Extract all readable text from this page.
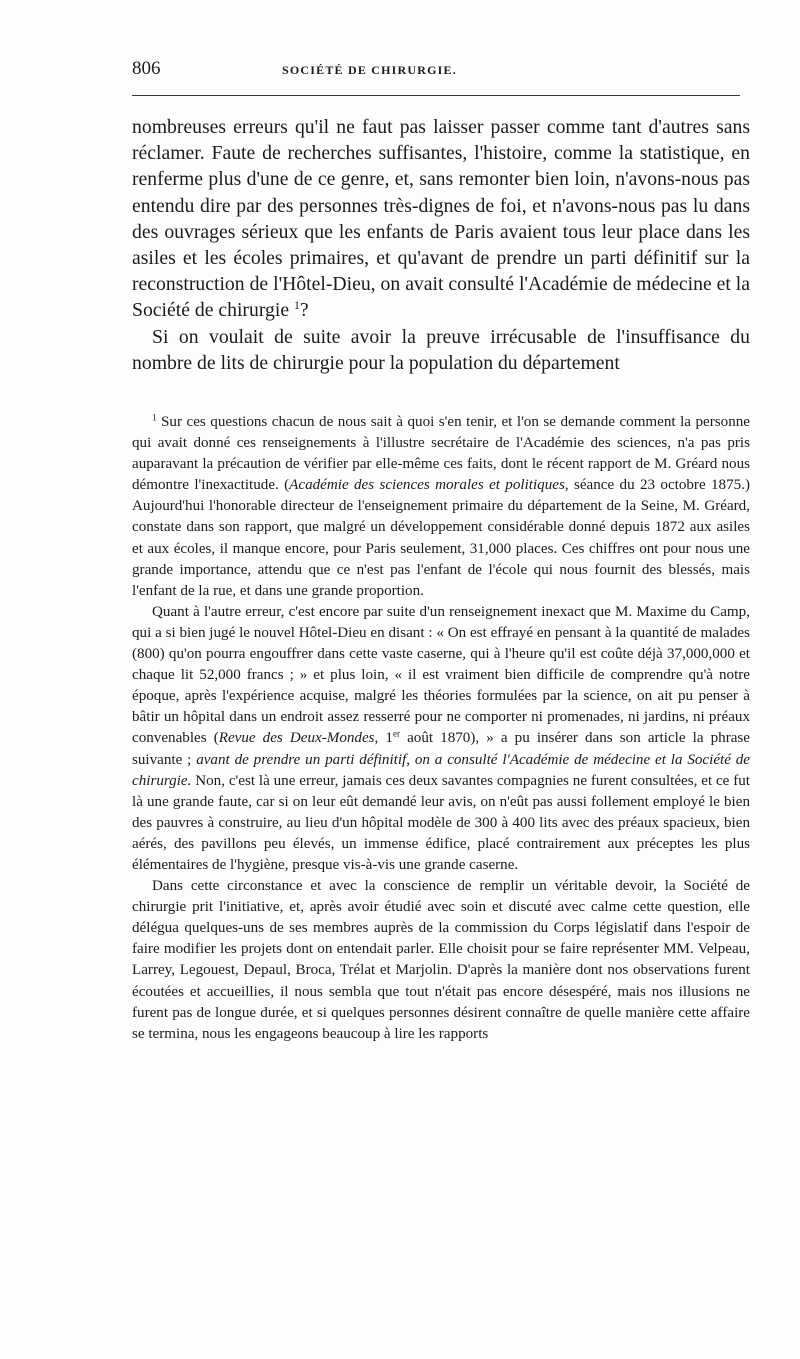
806	SOCIÉTÉ DE CHIRURGIE.

nombreuses erreurs qu'il ne faut pas laisser passer comme tant d'autres sans réclamer. Faute de recherches suffisantes, l'histoire, comme la statistique, en renferme plus d'une de ce genre, et, sans remonter bien loin, n'avons-nous pas entendu dire par des personnes très-dignes de foi, et n'avons-nous pas lu dans des ouvrages sérieux que les enfants de Paris avaient tous leur place dans les asiles et les écoles primaires, et qu'avant de prendre un parti définitif sur la reconstruction de l'Hôtel-Dieu, on avait consulté l'Académie de médecine et la Société de chirurgie $^1$?

Si on voulait de suite avoir la preuve irrécusable de l'insuffisance du nombre de lits de chirurgie pour la population du département

$^1$ Sur ces questions chacun de nous sait à quoi s'en tenir, et l'on se demande comment la personne qui avait donné ces renseignements à l'illustre secrétaire de l'Académie des sciences, n'a pas pris auparavant la précaution de vérifier par elle-même ces faits, dont le récent rapport de M. Gréard nous démontre l'inexactitude. (Académie des sciences morales et politiques, séance du 23 octobre 1875.) Aujourd'hui l'honorable directeur de l'enseignement primaire du département de la Seine, M. Gréard, constate dans son rapport, que malgré un développement considérable donné depuis 1872 aux asiles et aux écoles, il manque encore, pour Paris seulement, 31,000 places. Ces chiffres ont pour nous une grande importance, attendu que ce n'est pas l'enfant de l'école qui nous fournit des blessés, mais l'enfant de la rue, et dans une grande proportion.

Quant à l'autre erreur, c'est encore par suite d'un renseignement inexact que M. Maxime du Camp, qui a si bien jugé le nouvel Hôtel-Dieu en disant : « On est effrayé en pensant à la quantité de malades (800) qu'on pourra engouffrer dans cette vaste caserne, qui à l'heure qu'il est coûte déjà 37,000,000 et chaque lit 52,000 francs ; » et plus loin, « il est vraiment bien difficile de comprendre qu'à notre époque, après l'expérience acquise, malgré les théories formulées par la science, on ait pu penser à bâtir un hôpital dans un endroit assez resserré pour ne comporter ni promenades, ni jardins, ni préaux convenables (Revue des Deux-Mondes, 1er août 1870), » a pu insérer dans son article la phrase suivante ; avant de prendre un parti définitif, on a consulté l'Académie de médecine et la Société de chirurgie. Non, c'est là une erreur, jamais ces deux savantes compagnies ne furent consultées, et ce fut là une grande faute, car si on leur eût demandé leur avis, on n'eût pas aussi follement employé le bien des pauvres à construire, au lieu d'un hôpital modèle de 300 à 400 lits avec des préaux spacieux, bien aérés, des pavillons peu élevés, un immense édifice, placé contrairement aux préceptes les plus élémentaires de l'hygiène, presque vis-à-vis une grande caserne.

Dans cette circonstance et avec la conscience de remplir un véritable devoir, la Société de chirurgie prit l'initiative, et, après avoir étudié avec soin et discuté avec calme cette question, elle délégua quelques-uns de ses membres auprès de la commission du Corps législatif dans l'espoir de faire modifier les projets dont on entendait parler. Elle choisit pour se faire représenter MM. Velpeau, Larrey, Legouest, Depaul, Broca, Trélat et Marjolin. D'après la manière dont nos observations furent écoutées et accueillies, il nous sembla que tout n'était pas encore désespéré, mais nos illusions ne furent pas de longue durée, et si quelques personnes désirent connaître de quelle manière cette affaire se termina, nous les engageons beaucoup à lire les rapports
